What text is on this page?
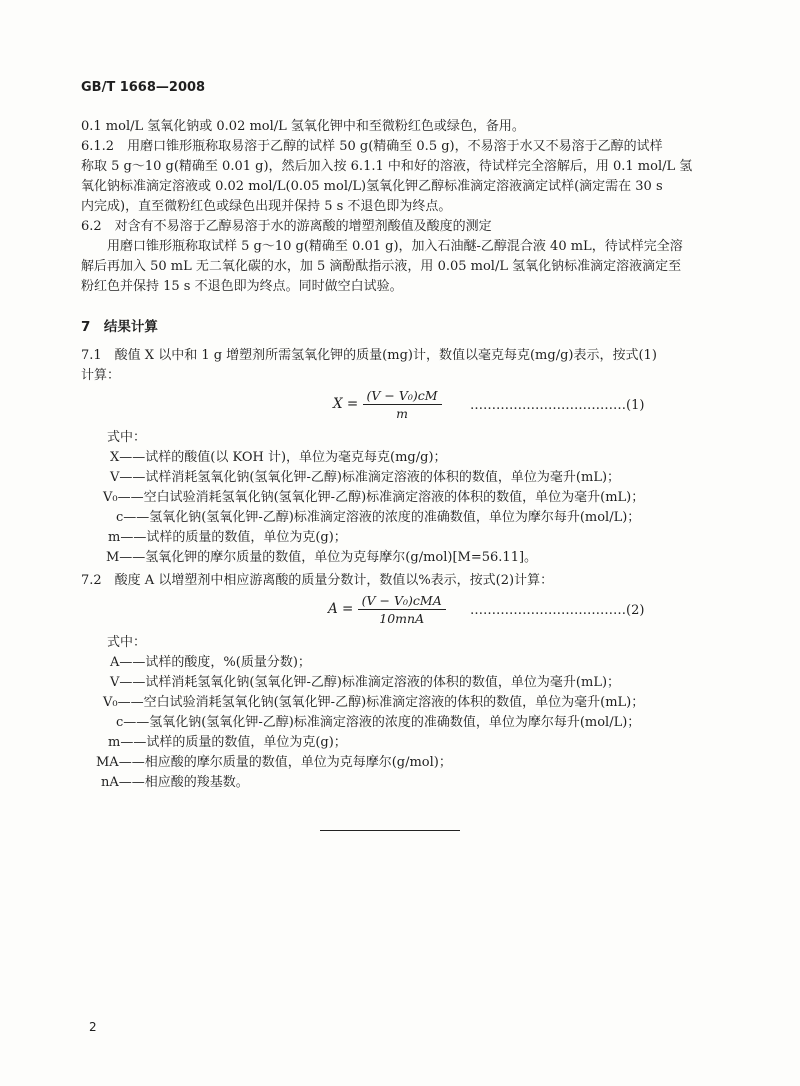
GB/T 1668—2008

0.1 mol/L 氢氧化钠或 0.02 mol/L 氢氧化钾中和至微粉红色或绿色，备用。

6.1.2　用磨口锥形瓶称取易溶于乙醇的试样 50 g(精确至 0.5 g)，不易溶于水又不易溶于乙醇的试样

称取 5 g～10 g(精确至 0.01 g)，然后加入按 6.1.1 中和好的溶液，待试样完全溶解后，用 0.1 mol/L 氢

氧化钠标准滴定溶液或 0.02 mol/L(0.05 mol/L)氢氧化钾乙醇标准滴定溶液滴定试样(滴定需在 30 s

内完成)，直至微粉红色或绿色出现并保持 5 s 不退色即为终点。

6.2　对含有不易溶于乙醇易溶于水的游离酸的增塑剂酸值及酸度的测定

用磨口锥形瓶称取试样 5 g～10 g(精确至 0.01 g)，加入石油醚-乙醇混合液 40 mL，待试样完全溶

解后再加入 50 mL 无二氧化碳的水，加 5 滴酚酞指示液，用 0.05 mol/L 氢氧化钠标准滴定溶液滴定至

粉红色并保持 15 s 不退色即为终点。同时做空白试验。

7　结果计算

7.1　酸值 X 以中和 1 g 增塑剂所需氢氧化钾的质量(mg)计，数值以毫克每克(mg/g)表示，按式(1)

计算：

$X = \frac{\text{(V − V₀)cM}}{m}$ ………………………………(1)

式中：

X——试样的酸值(以 KOH 计)，单位为毫克每克(mg/g)；

V——试样消耗氢氧化钠(氢氧化钾-乙醇)标准滴定溶液的体积的数值，单位为毫升(mL)；

V₀——空白试验消耗氢氧化钠(氢氧化钾-乙醇)标准滴定溶液的体积的数值，单位为毫升(mL)；

c——氢氧化钠(氢氧化钾-乙醇)标准滴定溶液的浓度的准确数值，单位为摩尔每升(mol/L)；

m——试样的质量的数值，单位为克(g)；

M——氢氧化钾的摩尔质量的数值，单位为克每摩尔(g/mol)[M=56.11]。

7.2　酸度 A 以增塑剂中相应游离酸的质量分数计，数值以%表示，按式(2)计算：

$A = \frac{\text{(V − V₀)cMA}}{\text{10mnA}}$ ………………………………(2)

式中：

A——试样的酸度，%(质量分数)；

V——试样消耗氢氧化钠(氢氧化钾-乙醇)标准滴定溶液的体积的数值，单位为毫升(mL)；

V₀——空白试验消耗氢氧化钠(氢氧化钾-乙醇)标准滴定溶液的体积的数值，单位为毫升(mL)；

c——氢氧化钠(氢氧化钾-乙醇)标准滴定溶液的浓度的准确数值，单位为摩尔每升(mol/L)；

m——试样的质量的数值，单位为克(g)；

MA——相应酸的摩尔质量的数值，单位为克每摩尔(g/mol)；

nA——相应酸的羧基数。

2
